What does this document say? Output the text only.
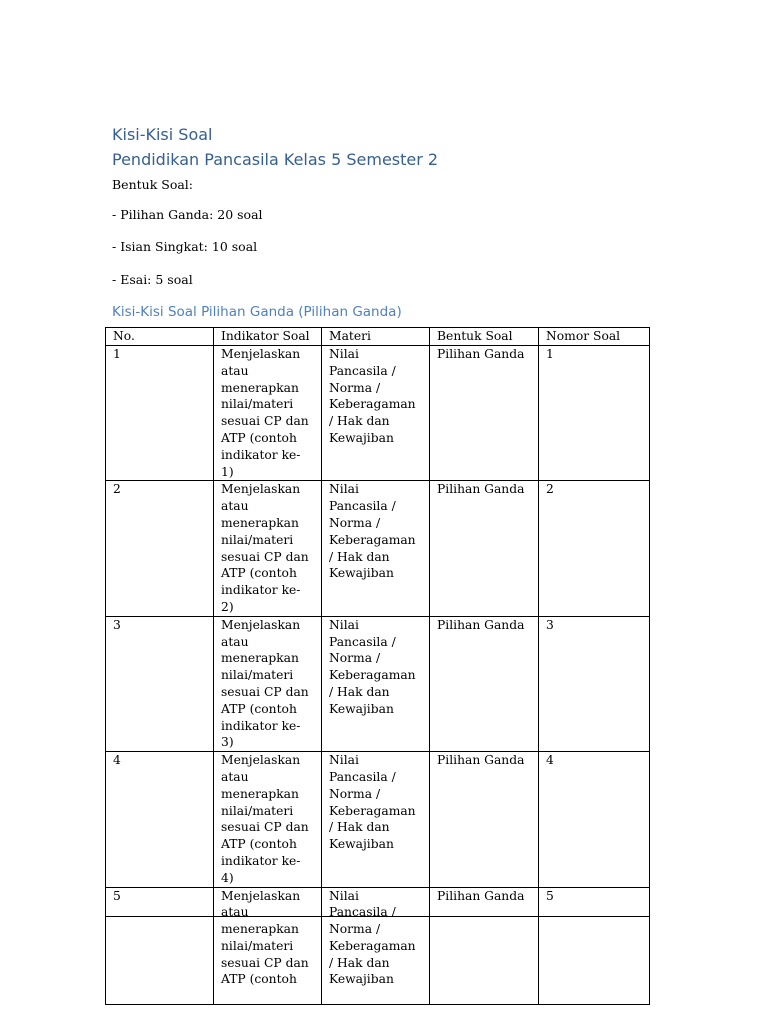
Kisi-Kisi Soal
Pendidikan Pancasila Kelas 5 Semester 2
Bentuk Soal:
- Pilihan Ganda: 20 soal
- Isian Singkat: 10 soal
- Esai: 5 soal
Kisi-Kisi Soal Pilihan Ganda (Pilihan Ganda)
No.	Indikator Soal	Materi	Bentuk Soal	Nomor Soal
1	Menjelaskan atau menerapkan nilai/materi sesuai CP dan ATP (contoh indikator ke-1)	Nilai Pancasila / Norma / Keberagaman / Hak dan Kewajiban	Pilihan Ganda	1
2	Menjelaskan atau menerapkan nilai/materi sesuai CP dan ATP (contoh indikator ke-2)	Nilai Pancasila / Norma / Keberagaman / Hak dan Kewajiban	Pilihan Ganda	2
3	Menjelaskan atau menerapkan nilai/materi sesuai CP dan ATP (contoh indikator ke-3)	Nilai Pancasila / Norma / Keberagaman / Hak dan Kewajiban	Pilihan Ganda	3
4	Menjelaskan atau menerapkan nilai/materi sesuai CP dan ATP (contoh indikator ke-4)	Nilai Pancasila / Norma / Keberagaman / Hak dan Kewajiban	Pilihan Ganda	4
5	Menjelaskan atau menerapkan nilai/materi sesuai CP dan ATP (contoh	Nilai Pancasila / Norma / Keberagaman / Hak dan Kewajiban	Pilihan Ganda	5
